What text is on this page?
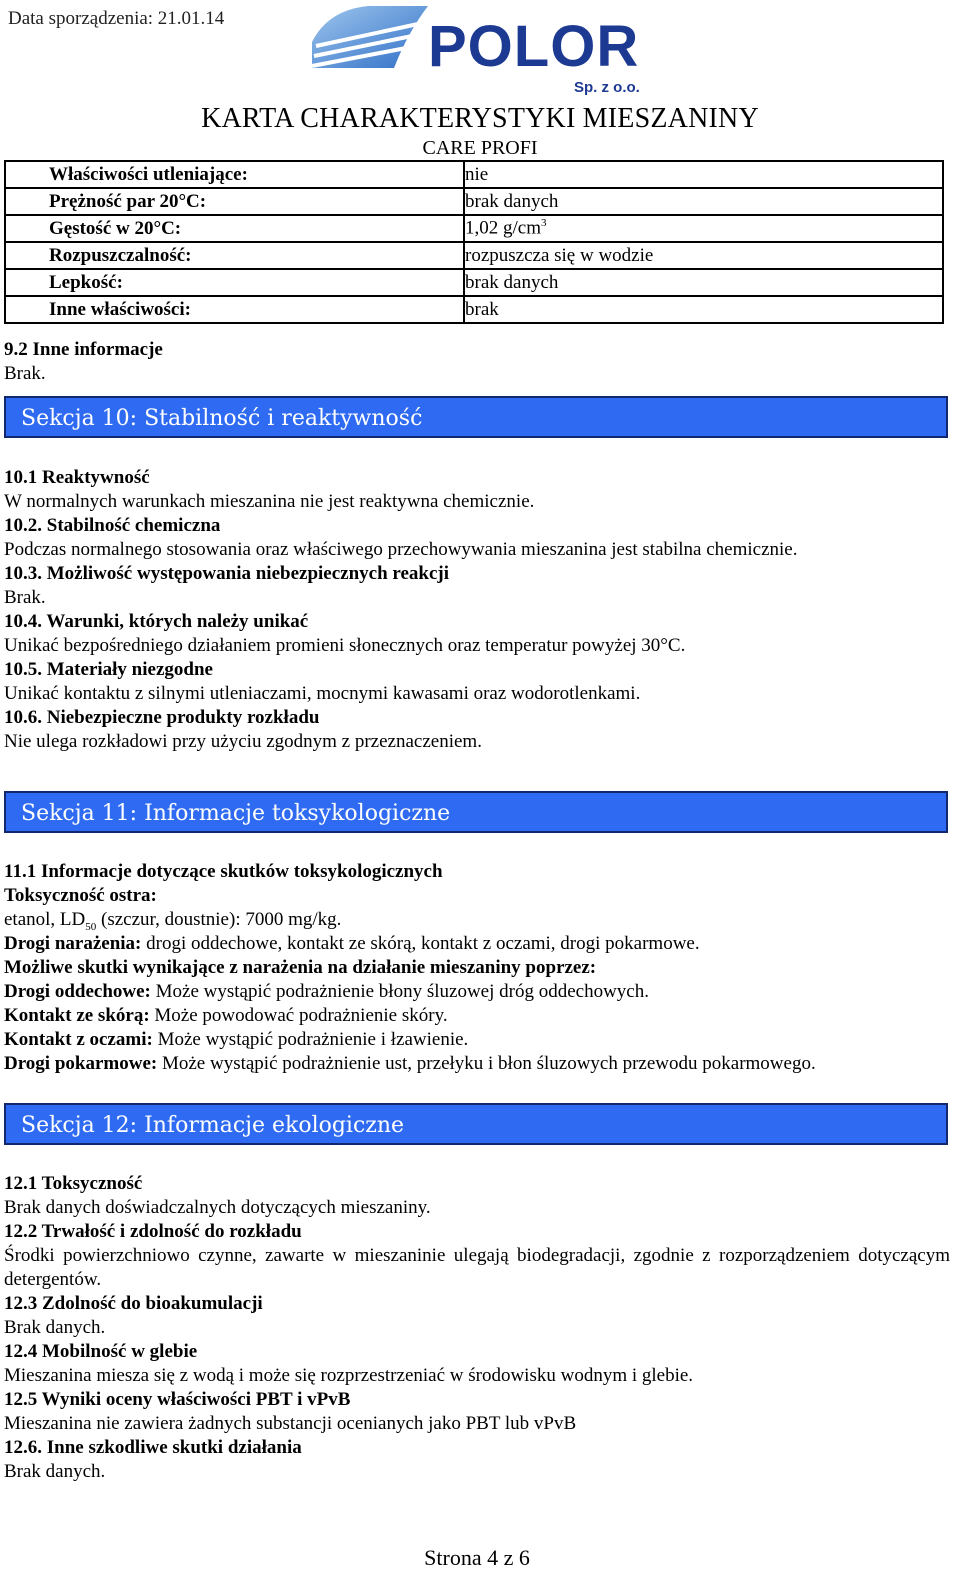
Data sporządzenia: 21.01.14	POLOR
Sp. z o.o.
KARTA CHARAKTERYSTYKI MIESZANINY
CARE PROFI
Właściwości utleniające:	nie
Prężność par 20°C:	brak danych
Gęstość w 20°C:	1,02 $g/cm^3$
Rozpuszczalność:	rozpuszcza się w wodzie
Lepkość:	brak danych
Inne właściwości:	brak
9.2 Inne informacje
Brak.
Sekcja 10: Stabilność i reaktywność
10.1 Reaktywność
W normalnych warunkach mieszanina nie jest reaktywna chemicznie.
10.2. Stabilność chemiczna
Podczas normalnego stosowania oraz właściwego przechowywania mieszanina jest stabilna chemicznie.
10.3. Możliwość występowania niebezpiecznych reakcji
Brak.
10.4. Warunki, których należy unikać
Unikać bezpośredniego działaniem promieni słonecznych oraz temperatur powyżej 30°C.
10.5. Materiały niezgodne
Unikać kontaktu z silnymi utleniaczami, mocnymi kawasami oraz wodorotlenkami.
10.6. Niebezpieczne produkty rozkładu
Nie ulega rozkładowi przy użyciu zgodnym z przeznaczeniem.
Sekcja 11: Informacje toksykologiczne
11.1 Informacje dotyczące skutków toksykologicznych
Toksyczność ostra:
etanol, $LD_{50}$ (szczur, doustnie): 7000 mg/kg.
Drogi narażenia: drogi oddechowe, kontakt ze skórą, kontakt z oczami, drogi pokarmowe.
Możliwe skutki wynikające z narażenia na działanie mieszaniny poprzez:
Drogi oddechowe: Może wystąpić podrażnienie błony śluzowej dróg oddechowych.
Kontakt ze skórą: Może powodować podrażnienie skóry.
Kontakt z oczami: Może wystąpić podrażnienie i łzawienie.
Drogi pokarmowe: Może wystąpić podrażnienie ust, przełyku i błon śluzowych przewodu pokarmowego.
Sekcja 12: Informacje ekologiczne
12.1 Toksyczność
Brak danych doświadczalnych dotyczących mieszaniny.
12.2 Trwałość i zdolność do rozkładu
Środki powierzchniowo czynne, zawarte w mieszaninie ulegają biodegradacji, zgodnie z rozporządzeniem dotyczącym detergentów.
12.3 Zdolność do bioakumulacji
Brak danych.
12.4 Mobilność w glebie
Mieszanina miesza się z wodą i może się rozprzestrzeniać w środowisku wodnym i glebie.
12.5 Wyniki oceny właściwości PBT i vPvB
Mieszanina nie zawiera żadnych substancji ocenianych jako PBT lub vPvB
12.6. Inne szkodliwe skutki działania
Brak danych.
Strona 4 z 6
